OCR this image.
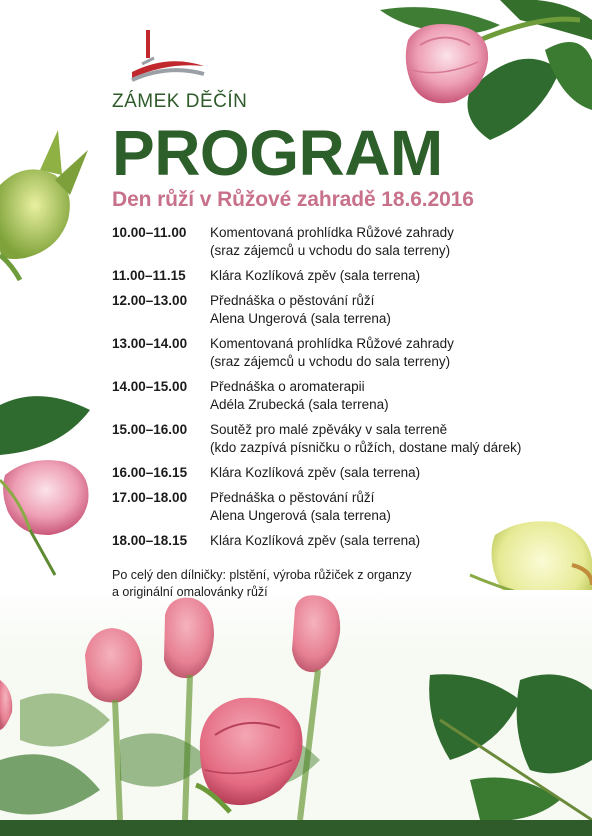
ZÁMEK DĚČÍN
PROGRAM
Den růží v Růžové zahradě 18.6.2016
10.00–11.00	Komentovaná prohlídka Růžové zahrady
(sraz zájemců u vchodu do sala terreny)
11.00–11.15	Klára Kozlíková zpěv (sala terrena)
12.00–13.00	Přednáška o pěstování růží
Alena Ungerová (sala terrena)
13.00–14.00	Komentovaná prohlídka Růžové zahrady
(sraz zájemců u vchodu do sala terreny)
14.00–15.00	Přednáška o aromaterapii
Adéla Zrubecká (sala terrena)
15.00–16.00	Soutěž pro malé zpěváky v sala terreně
(kdo zazpívá písničku o růžích, dostane malý dárek)
16.00–16.15	Klára Kozlíková zpěv (sala terrena)
17.00–18.00	Přednáška o pěstování růží
Alena Ungerová (sala terrena)
18.00–18.15	Klára Kozlíková zpěv (sala terrena)
Po celý den dílničky: plstění, výroba růžiček z organzy
a originální omalovánky růží
